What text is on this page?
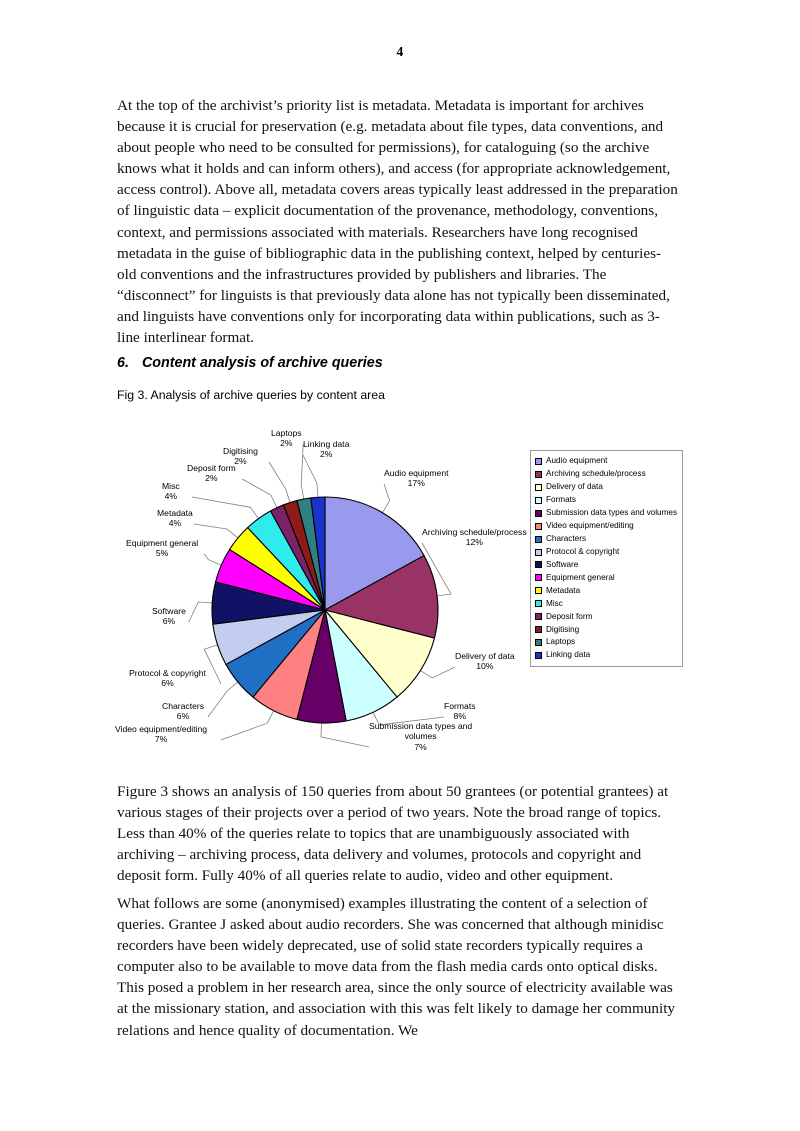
4

At the top of the archivist’s priority list is metadata. Metadata is important for archives because it is crucial for preservation (e.g. metadata about file types, data conventions, and about people who need to be consulted for permissions), for cataloguing (so the archive knows what it holds and can inform others), and access (for appropriate acknowledgement, access control). Above all, metadata covers areas typically least addressed in the preparation of linguistic data – explicit documentation of the provenance, methodology, conventions, context, and permissions associated with materials. Researchers have long recognised metadata in the guise of bibliographic data in the publishing context, helped by centuries-old conventions and the infrastructures provided by publishers and libraries. The “disconnect” for linguists is that previously data alone has not typically been disseminated, and linguists have conventions only for incorporating data within publications, such as 3-line interlinear format.

6. Content analysis of archive queries
Fig 3. Analysis of archive queries by content area
Audio equipment
17%
Archiving schedule/process
12%
Delivery of data
10%
Formats
8%
Submission data types and
volumes
7%
Video equipment/editing
7%
Characters
6%
Protocol & copyright
6%
Software
6%
Equipment general
5%
Metadata
4%
Misc
4%
Deposit form
2%
Digitising
2%
Laptops
2%	Linking data
2%
Audio equipment
Archiving schedule/process
Delivery of data
Formats
Submission data types and volumes
Video equipment/editing
Characters
Protocol & copyright
Software
Equipment general
Metadata
Misc
Deposit form
Digitising
Laptops
Linking data

Figure 3 shows an analysis of 150 queries from about 50 grantees (or potential grantees) at various stages of their projects over a period of two years. Note the broad range of topics. Less than 40% of the queries relate to topics that are unambiguously associated with archiving – archiving process, data delivery and volumes, protocols and copyright and deposit form. Fully 40% of all queries relate to audio, video and other equipment.

What follows are some (anonymised) examples illustrating the content of a selection of queries. Grantee J asked about audio recorders. She was concerned that although minidisc recorders have been widely deprecated, use of solid state recorders typically requires a computer also to be available to move data from the flash media cards onto optical disks. This posed a problem in her research area, since the only source of electricity available was at the missionary station, and association with this was felt likely to damage her community relations and hence quality of documentation. We
